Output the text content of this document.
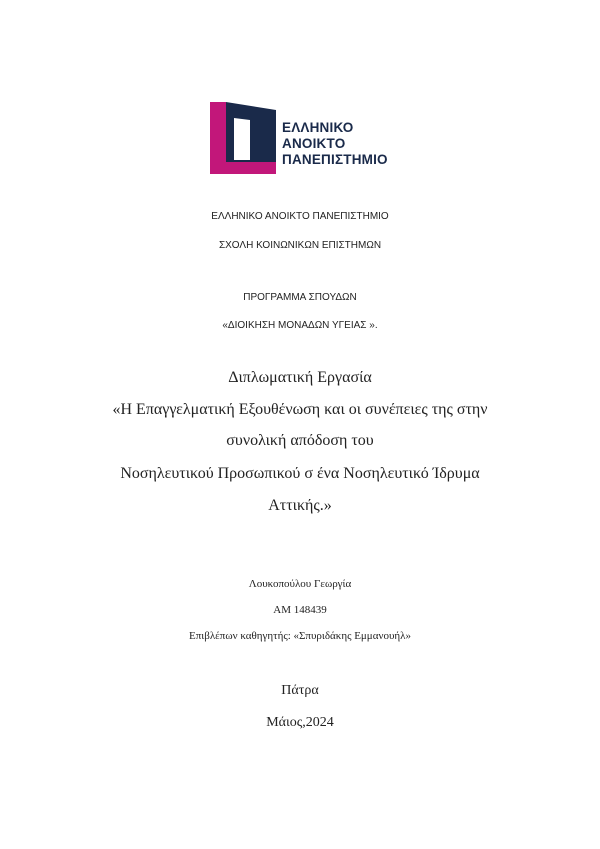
ΕΛΛΗΝΙΚΟ
ΑΝΟΙΚΤΟ
ΠΑΝΕΠΙΣΤΗΜΙΟ
ΕΛΛΗΝΙΚΟ ΑΝΟΙΚΤΟ ΠΑΝΕΠΙΣΤΗΜΙΟ
ΣΧΟΛΗ ΚΟΙΝΩΝΙΚΩΝ ΕΠΙΣΤΗΜΩΝ
ΠΡΟΓΡΑΜΜΑ ΣΠΟΥΔΩΝ
«ΔΙΟΙΚΗΣΗ ΜΟΝΑΔΩΝ ΥΓΕΙΑΣ ».
Διπλωματική Εργασία
«Η Επαγγελματική Εξουθένωση και οι συνέπειες της στην
συνολική απόδοση του
Νοσηλευτικού Προσωπικού σ ένα Νοσηλευτικό Ίδρυμα
Αττικής.»
Λουκοπούλου Γεωργία
ΑΜ 148439
Επιβλέπων καθηγητής: «Σπυριδάκης Εμμανουήλ»
Πάτρα
Μάιος,2024
